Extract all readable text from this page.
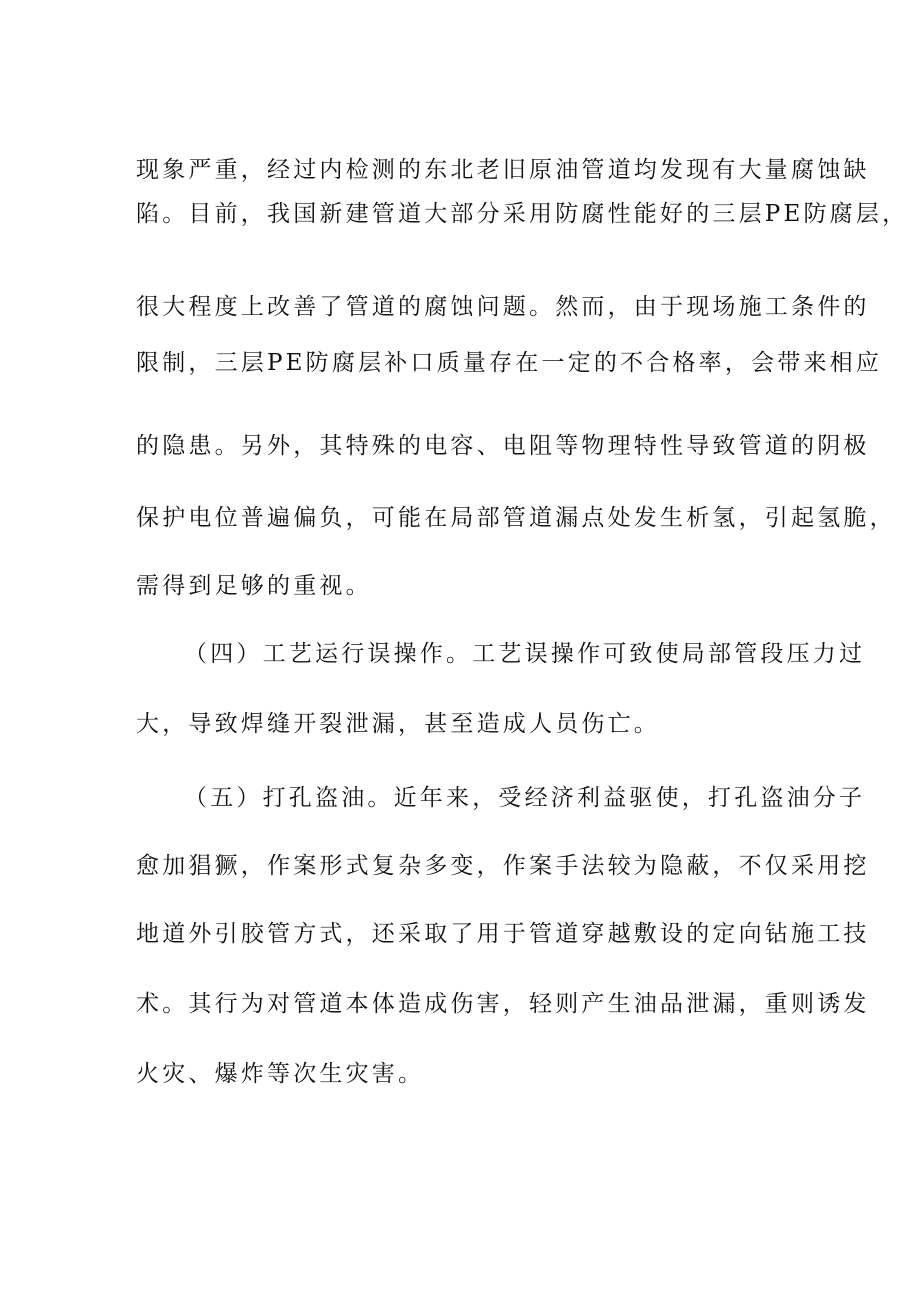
现象严重，经过内检测的东北老旧原油管道均发现有大量腐蚀缺
陷。目前，我国新建管道大部分采用防腐性能好的三层PE防腐层，
很大程度上改善了管道的腐蚀问题。然而，由于现场施工条件的
限制，三层PE防腐层补口质量存在一定的不合格率，会带来相应
的隐患。另外，其特殊的电容、电阻等物理特性导致管道的阴极
保护电位普遍偏负，可能在局部管道漏点处发生析氢，引起氢脆，
需得到足够的重视。
（四）工艺运行误操作。工艺误操作可致使局部管段压力过
大，导致焊缝开裂泄漏，甚至造成人员伤亡。
（五）打孔盗油。近年来，受经济利益驱使，打孔盗油分子
愈加猖獗，作案形式复杂多变，作案手法较为隐蔽，不仅采用挖
地道外引胶管方式，还采取了用于管道穿越敷设的定向钻施工技
术。其行为对管道本体造成伤害，轻则产生油品泄漏，重则诱发
火灾、爆炸等次生灾害。
